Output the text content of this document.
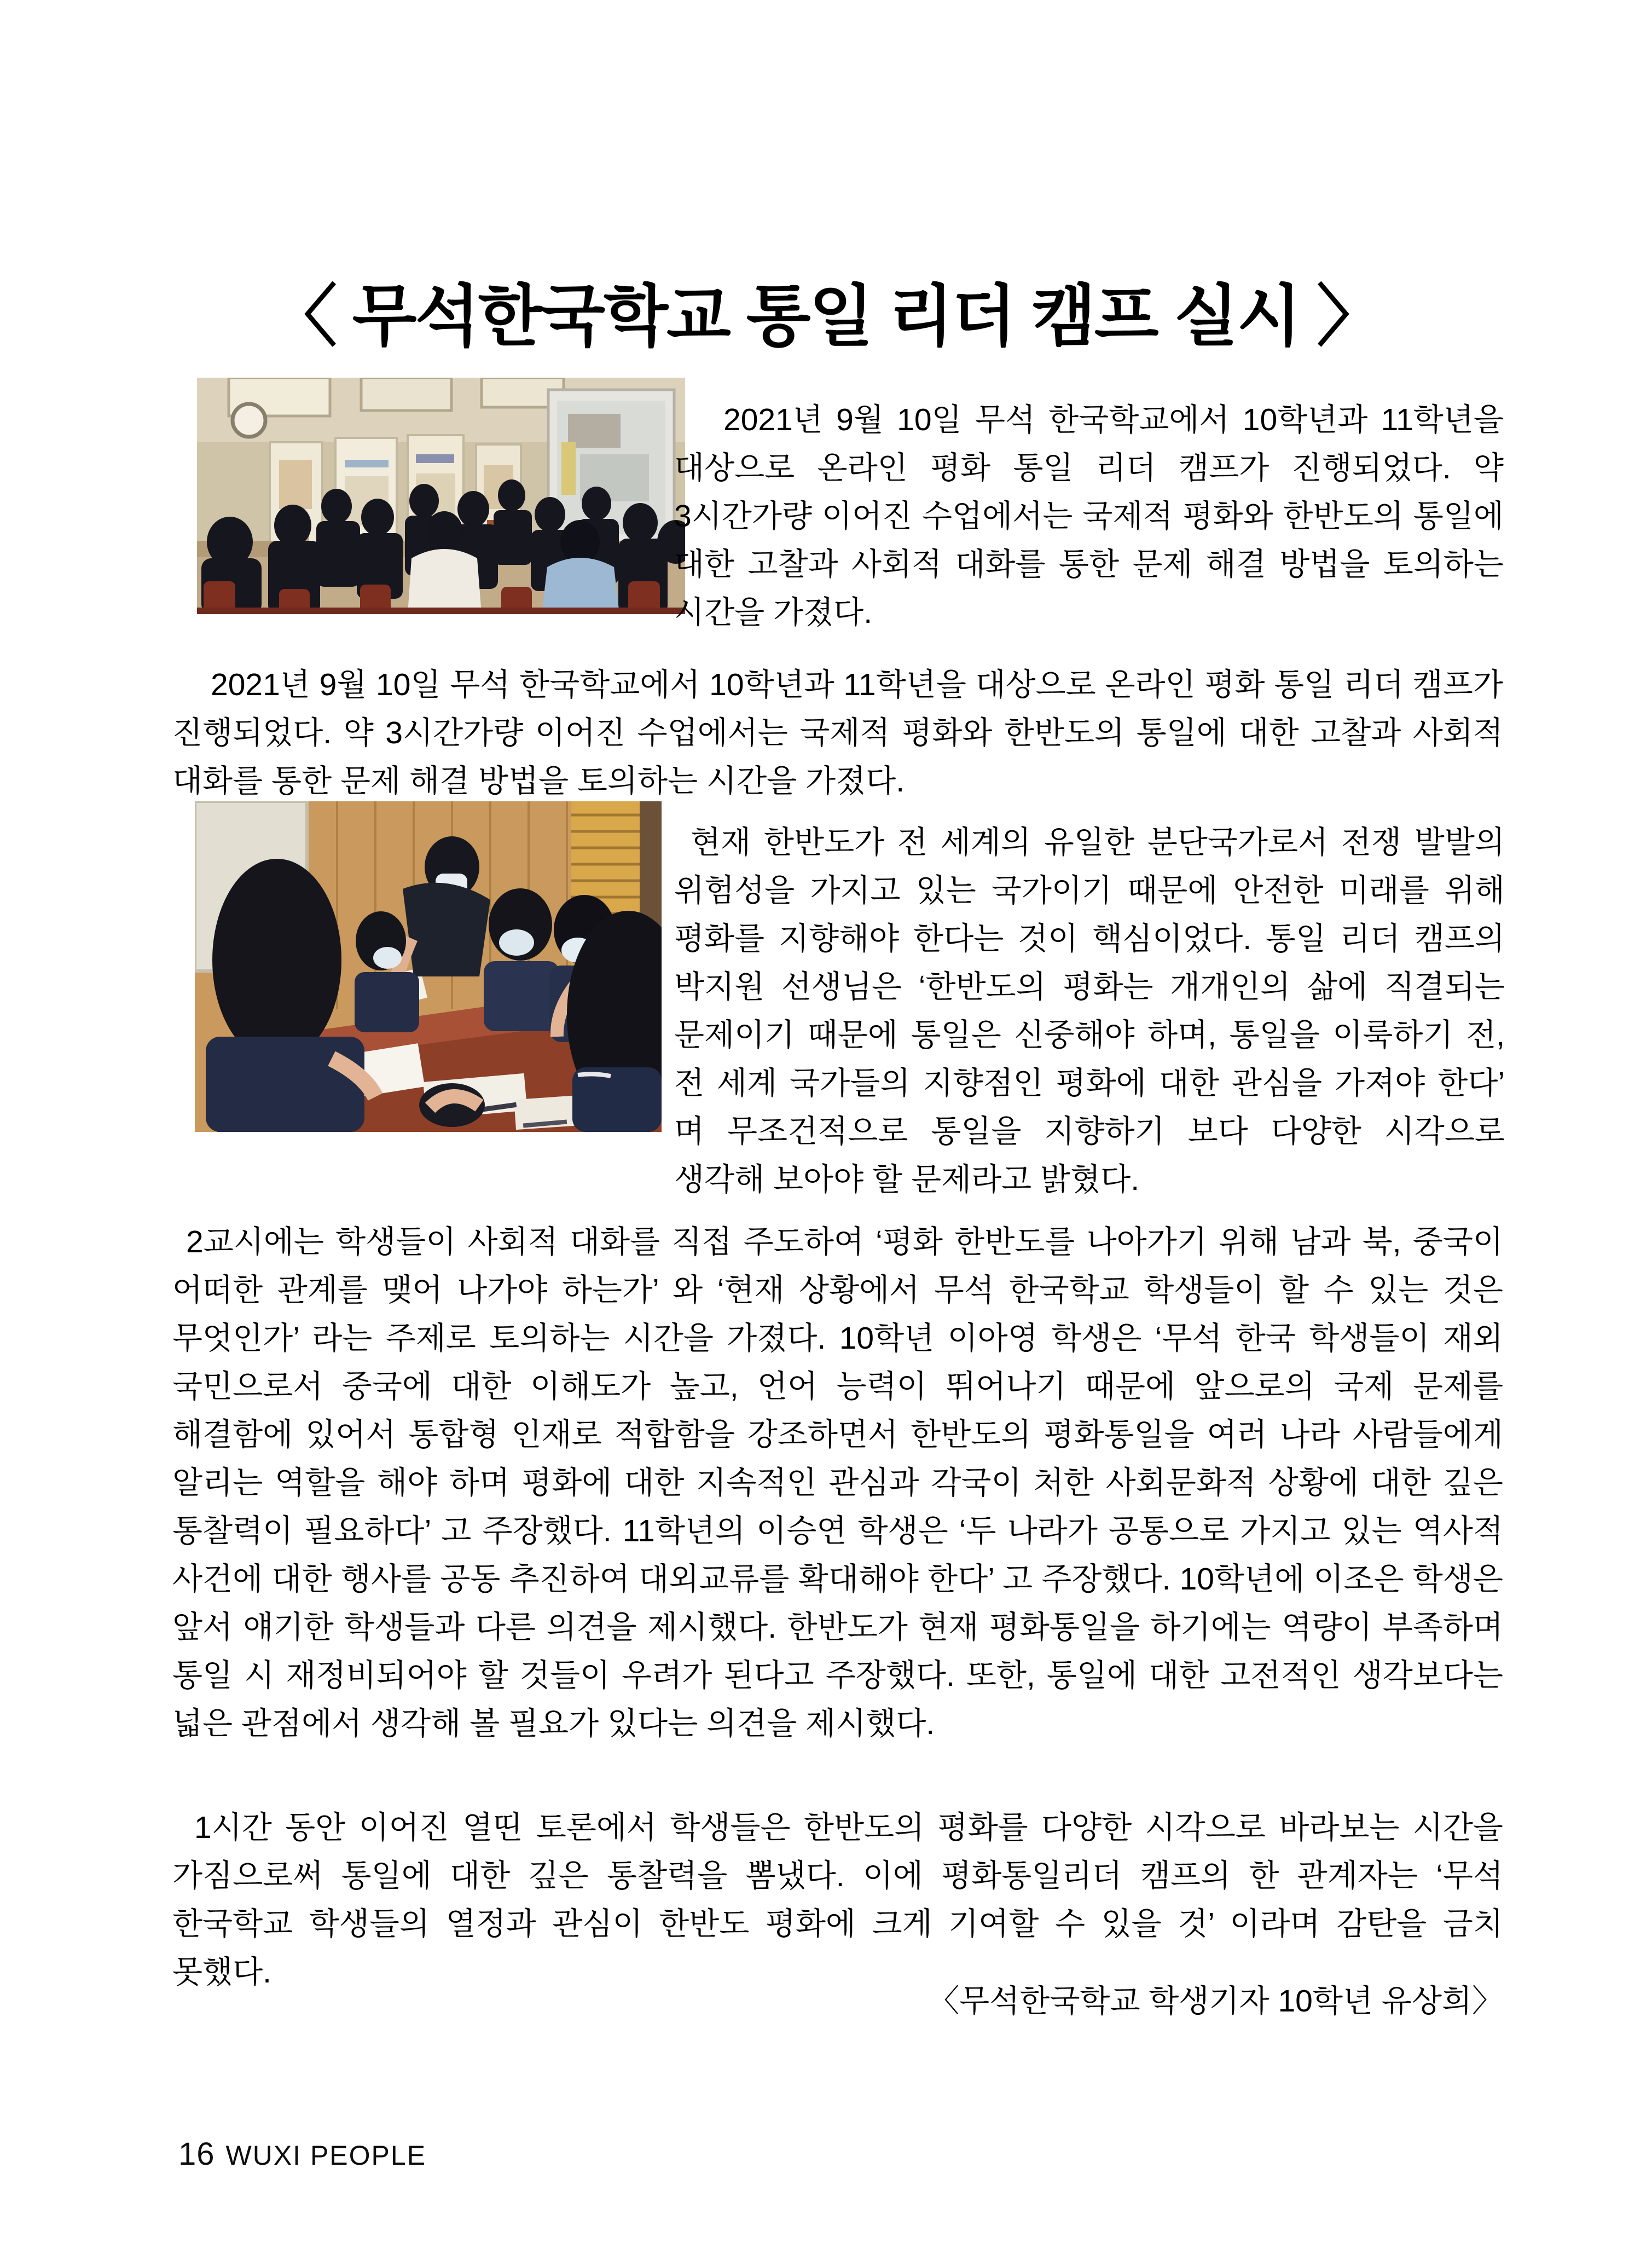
〈 무석한국학교 통일 리더 캠프 실시 〉

2021년 9월 10일 무석 한국학교에서 10학년과 11학년을 대상으로 온라인 평화 통일 리더 캠프가 진행되었다. 약 3시간가량 이어진 수업에서는 국제적 평화와 한반도의 통일에 대한 고찰과 사회적 대화를 통한 문제 해결 방법을 토의하는 시간을 가졌다.

2021년 9월 10일 무석 한국학교에서 10학년과 11학년을 대상으로 온라인 평화 통일 리더 캠프가 진행되었다. 약 3시간가량 이어진 수업에서는 국제적 평화와 한반도의 통일에 대한 고찰과 사회적 대화를 통한 문제 해결 방법을 토의하는 시간을 가졌다.

현재 한반도가 전 세계의 유일한 분단국가로서 전쟁 발발의 위험성을 가지고 있는 국가이기 때문에 안전한 미래를 위해 평화를 지향해야 한다는 것이 핵심이었다. 통일 리더 캠프의 박지원 선생님은 ‘한반도의 평화는 개개인의 삶에 직결되는 문제이기 때문에 통일은 신중해야 하며, 통일을 이룩하기 전, 전 세계 국가들의 지향점인 평화에 대한 관심을 가져야 한다’ 며 무조건적으로 통일을 지향하기 보다 다양한 시각으로 생각해 보아야 할 문제라고 밝혔다.

2교시에는 학생들이 사회적 대화를 직접 주도하여 ‘평화 한반도를 나아가기 위해 남과 북, 중국이 어떠한 관계를 맺어 나가야 하는가’ 와 ‘현재 상황에서 무석 한국학교 학생들이 할 수 있는 것은 무엇인가’ 라는 주제로 토의하는 시간을 가졌다. 10학년 이아영 학생은 ‘무석 한국 학생들이 재외 국민으로서 중국에 대한 이해도가 높고, 언어 능력이 뛰어나기 때문에 앞으로의 국제 문제를 해결함에 있어서 통합형 인재로 적합함을 강조하면서 한반도의 평화통일을 여러 나라 사람들에게 알리는 역할을 해야 하며 평화에 대한 지속적인 관심과 각국이 처한 사회문화적 상황에 대한 깊은 통찰력이 필요하다’ 고 주장했다. 11학년의 이승연 학생은 ‘두 나라가 공통으로 가지고 있는 역사적 사건에 대한 행사를 공동 추진하여 대외교류를 확대해야 한다’ 고 주장했다. 10학년에 이조은 학생은 앞서 얘기한 학생들과 다른 의견을 제시했다. 한반도가 현재 평화통일을 하기에는 역량이 부족하며 통일 시 재정비되어야 할 것들이 우려가 된다고 주장했다. 또한, 통일에 대한 고전적인 생각보다는 넓은 관점에서 생각해 볼 필요가 있다는 의견을 제시했다.

1시간 동안 이어진 열띤 토론에서 학생들은 한반도의 평화를 다양한 시각으로 바라보는 시간을 가짐으로써 통일에 대한 깊은 통찰력을 뽐냈다. 이에 평화통일리더 캠프의 한 관계자는 ‘무석 한국학교 학생들의 열정과 관심이 한반도 평화에 크게 기여할 수 있을 것’ 이라며 감탄을 금치 못했다.

〈무석한국학교 학생기자 10학년 유상희〉
16 WUXI PEOPLE
